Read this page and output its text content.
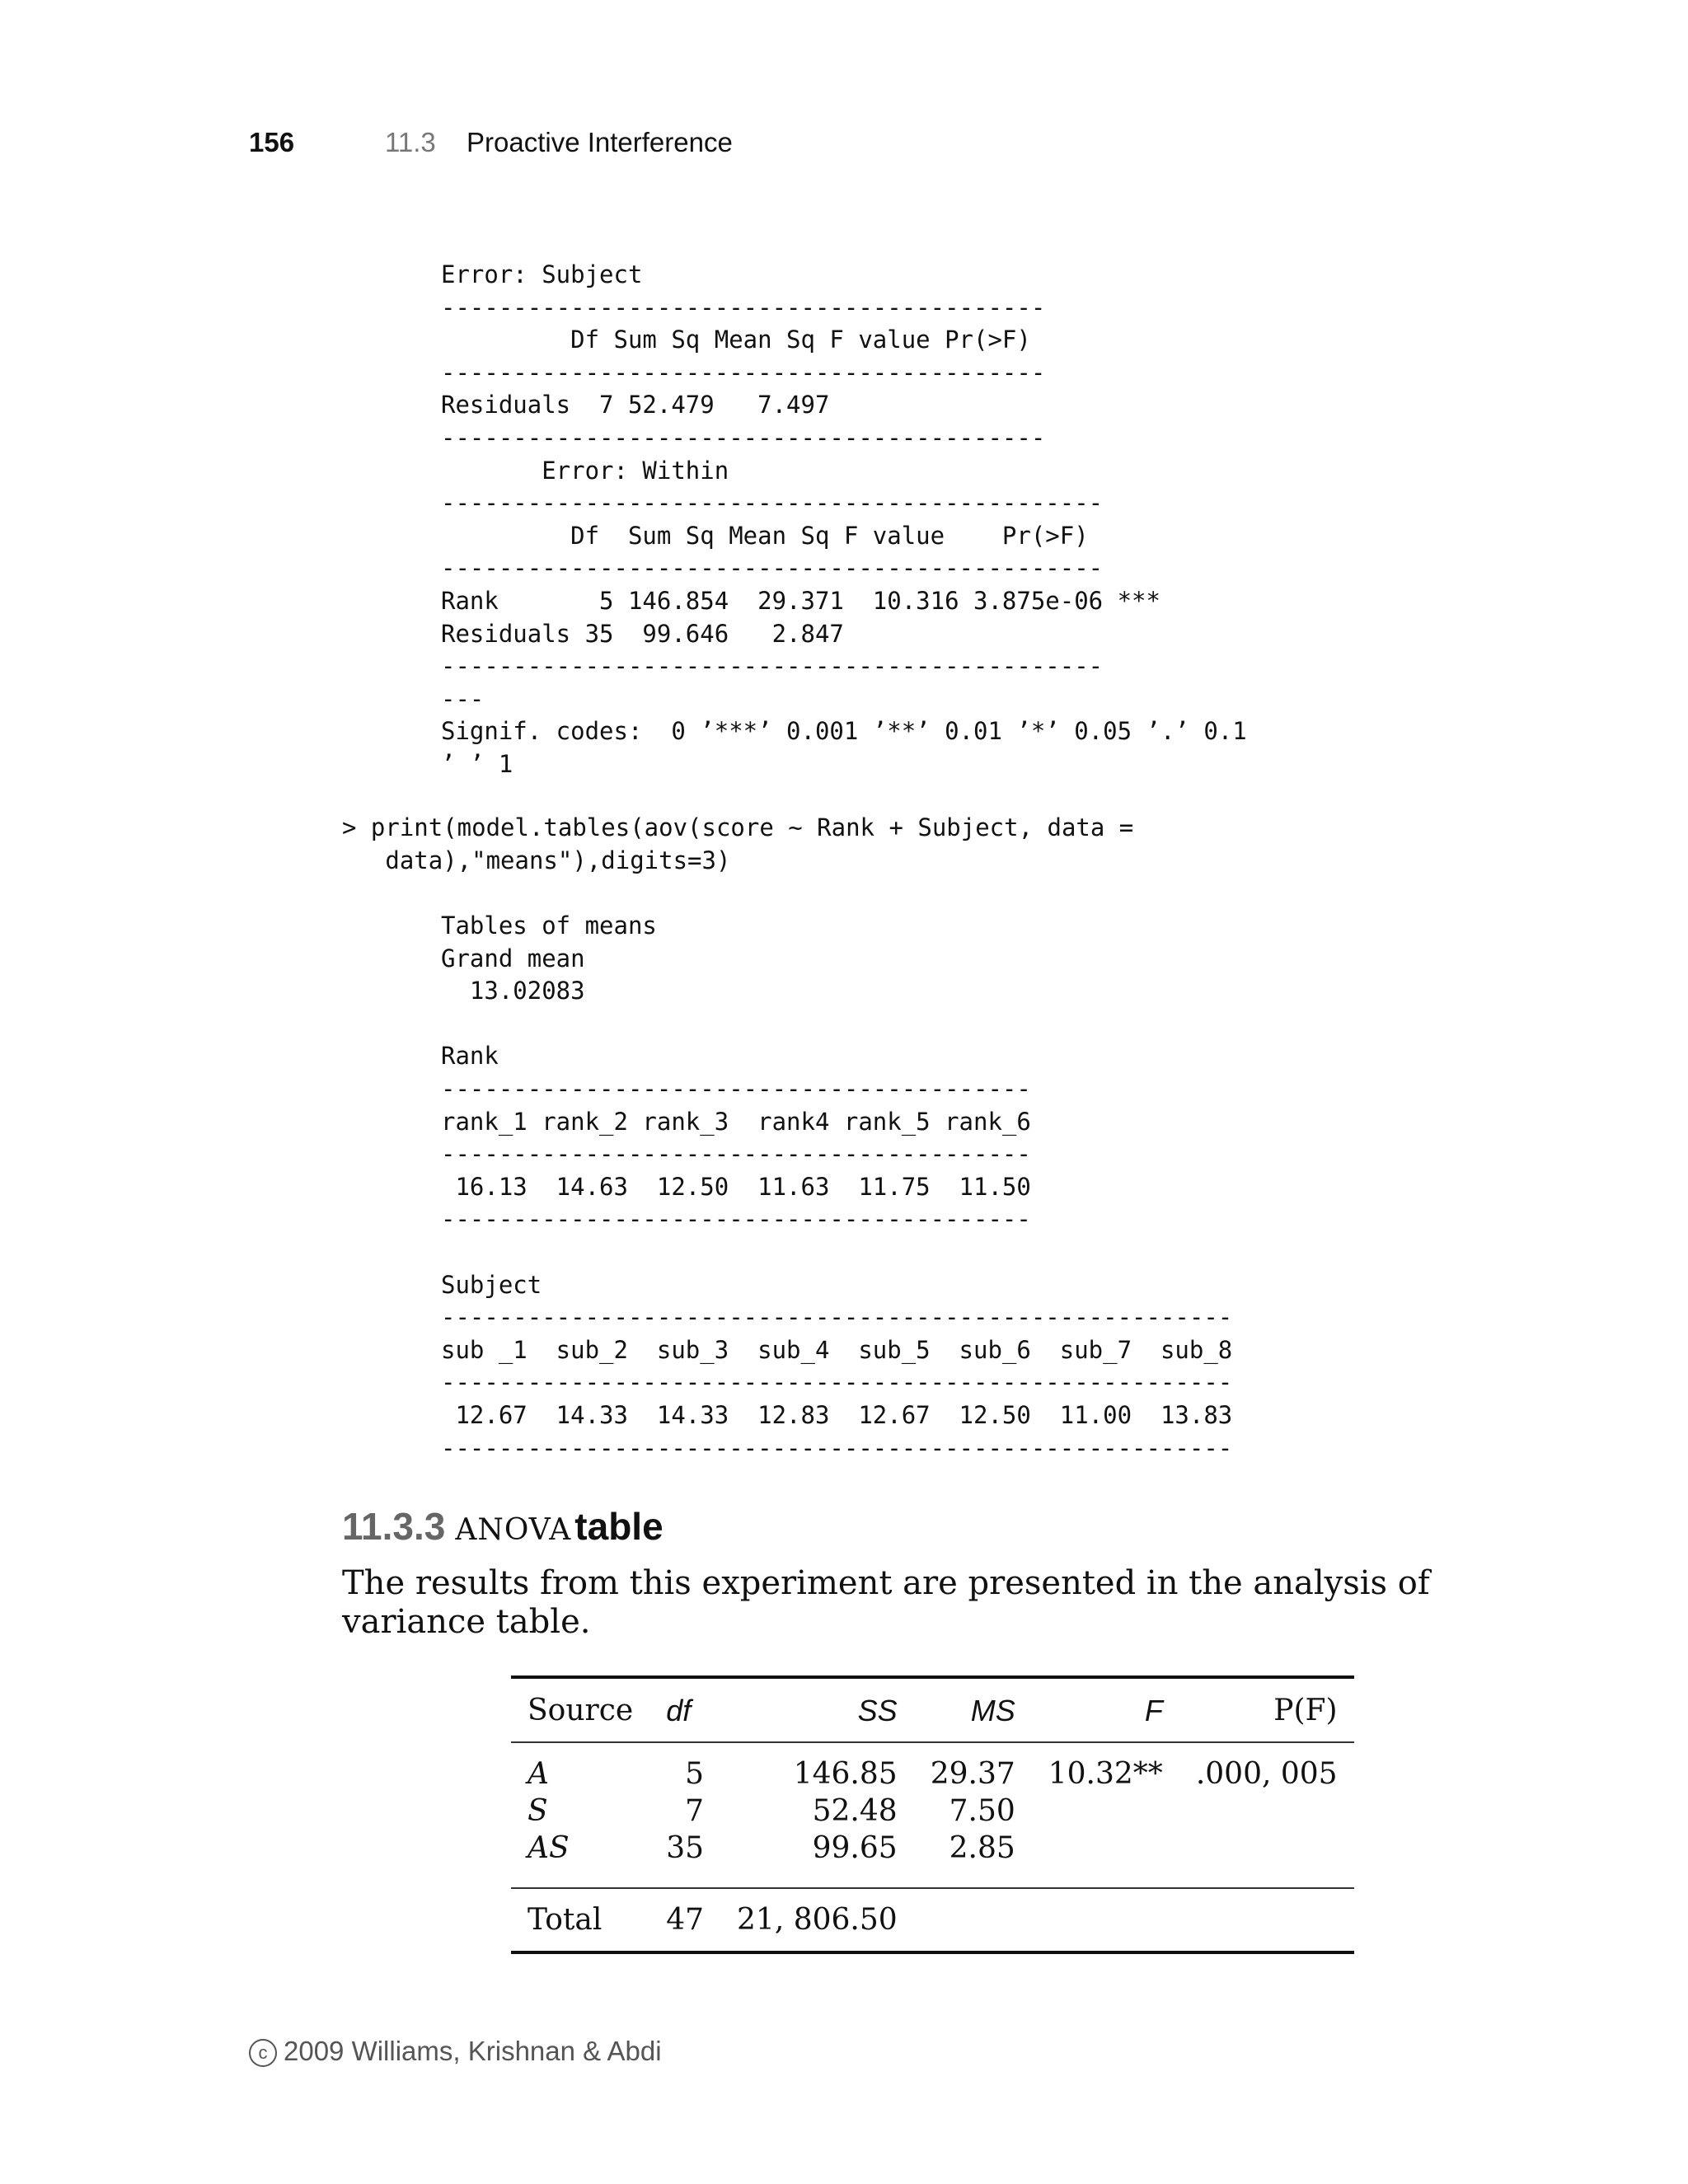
156	11.3 Proactive Interference
Error: Subject
------------------------------------------
Df Sum Sq Mean Sq F value Pr(>F)
------------------------------------------
Residuals  7 52.479   7.497
------------------------------------------
Error: Within
----------------------------------------------
Df  Sum Sq Mean Sq F value    Pr(>F)
----------------------------------------------
Rank       5 146.854  29.371  10.316 3.875e-06 ***
Residuals 35  99.646   2.847
----------------------------------------------
---
Signif. codes:  0 ’***’ 0.001 ’**’ 0.01 ’*’ 0.05 ’.’ 0.1
’ ’ 1
> print(model.tables(aov(score ~ Rank + Subject, data =
data),"means"),digits=3)
Tables of means
Grand mean
13.02083

Rank
-----------------------------------------
rank_1 rank_2 rank_3  rank4 rank_5 rank_6
-----------------------------------------
16.13  14.63  12.50  11.63  11.75  11.50
-----------------------------------------

Subject
-------------------------------------------------------
sub _1  sub_2  sub_3  sub_4  sub_5  sub_6  sub_7  sub_8
-------------------------------------------------------
12.67  14.33  14.33  12.83  12.67  12.50  11.00  13.83
-------------------------------------------------------
11.3.3 ANOVAtable
The results from this experiment are presented in the analysis of variance table.
Source	df	SS	MS	F	P(F)
A	5	146.85	29.37	10.32**	.000, 005
S	7	52.48	7.50		
AS	35	99.65	2.85		
Total	47	21, 806.50			
c 2009 Williams, Krishnan & Abdi
